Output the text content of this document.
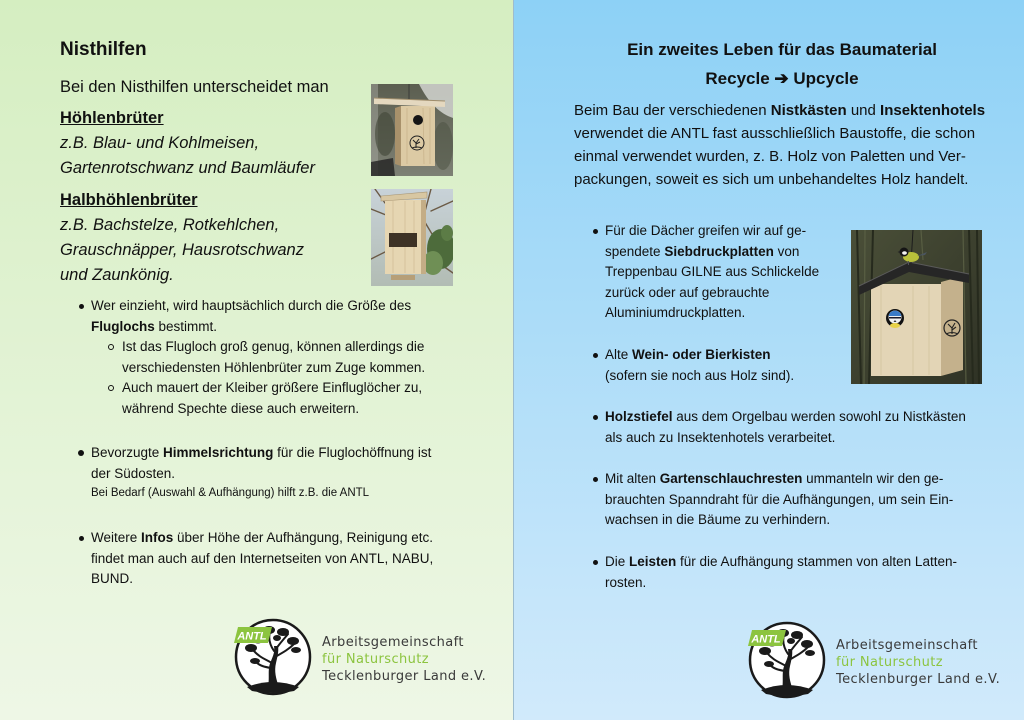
Nisthilfen
Bei den Nisthilfen unterscheidet man
Höhlenbrüter
z.B. Blau- und Kohlmeisen,
Gartenrotschwanz und Baumläufer
Halbhöhlenbrüter
z.B. Bachstelze, Rotkehlchen,
Grauschnäpper, Hausrotschwanz
und Zaunkönig.
Wer einzieht, wird hauptsächlich durch die Größe des
Fluglochs bestimmt.
Ist das Flugloch groß genug, können allerdings die
verschiedensten Höhlenbrüter zum Zuge kommen.
Auch mauert der Kleiber größere Einfluglöcher zu,
während Spechte diese auch erweitern.
Bevorzugte Himmelsrichtung für die Fluglochöffnung ist
der Südosten.
Bei Bedarf (Auswahl & Aufhängung) hilft z.B. die ANTL
Weitere Infos über Höhe der Aufhängung, Reinigung etc.
findet man auch auf den Internetseiten von ANTL, NABU,
BUND.
ANTL	Arbeitsgemeinschaft
für Naturschutz
Tecklenburger Land e.V.
Ein zweites Leben für das Baumaterial
Recycle ➔ Upcycle
Beim Bau der verschiedenen Nistkästen und Insektenhotels
verwendet die ANTL fast ausschließlich Baustoffe, die schon
einmal verwendet wurden, z. B. Holz von Paletten und Ver-
packungen, soweit es sich um unbehandeltes Holz handelt.
Für die Dächer greifen wir auf ge-
spendete Siebdruckplatten von
Treppenbau GILNE aus Schlickelde
zurück oder auf gebrauchte
Aluminiumdruckplatten.
Alte Wein- oder Bierkisten
(sofern sie noch aus Holz sind).
Holzstiefel aus dem Orgelbau werden sowohl zu Nistkästen
als auch zu Insektenhotels verarbeitet.
Mit alten Gartenschlauchresten ummanteln wir den ge-
brauchten Spanndraht für die Aufhängungen, um sein Ein-
wachsen in die Bäume zu verhindern.
Die Leisten für die Aufhängung stammen von alten Latten-
rosten.
ANTL	Arbeitsgemeinschaft
für Naturschutz
Tecklenburger Land e.V.
